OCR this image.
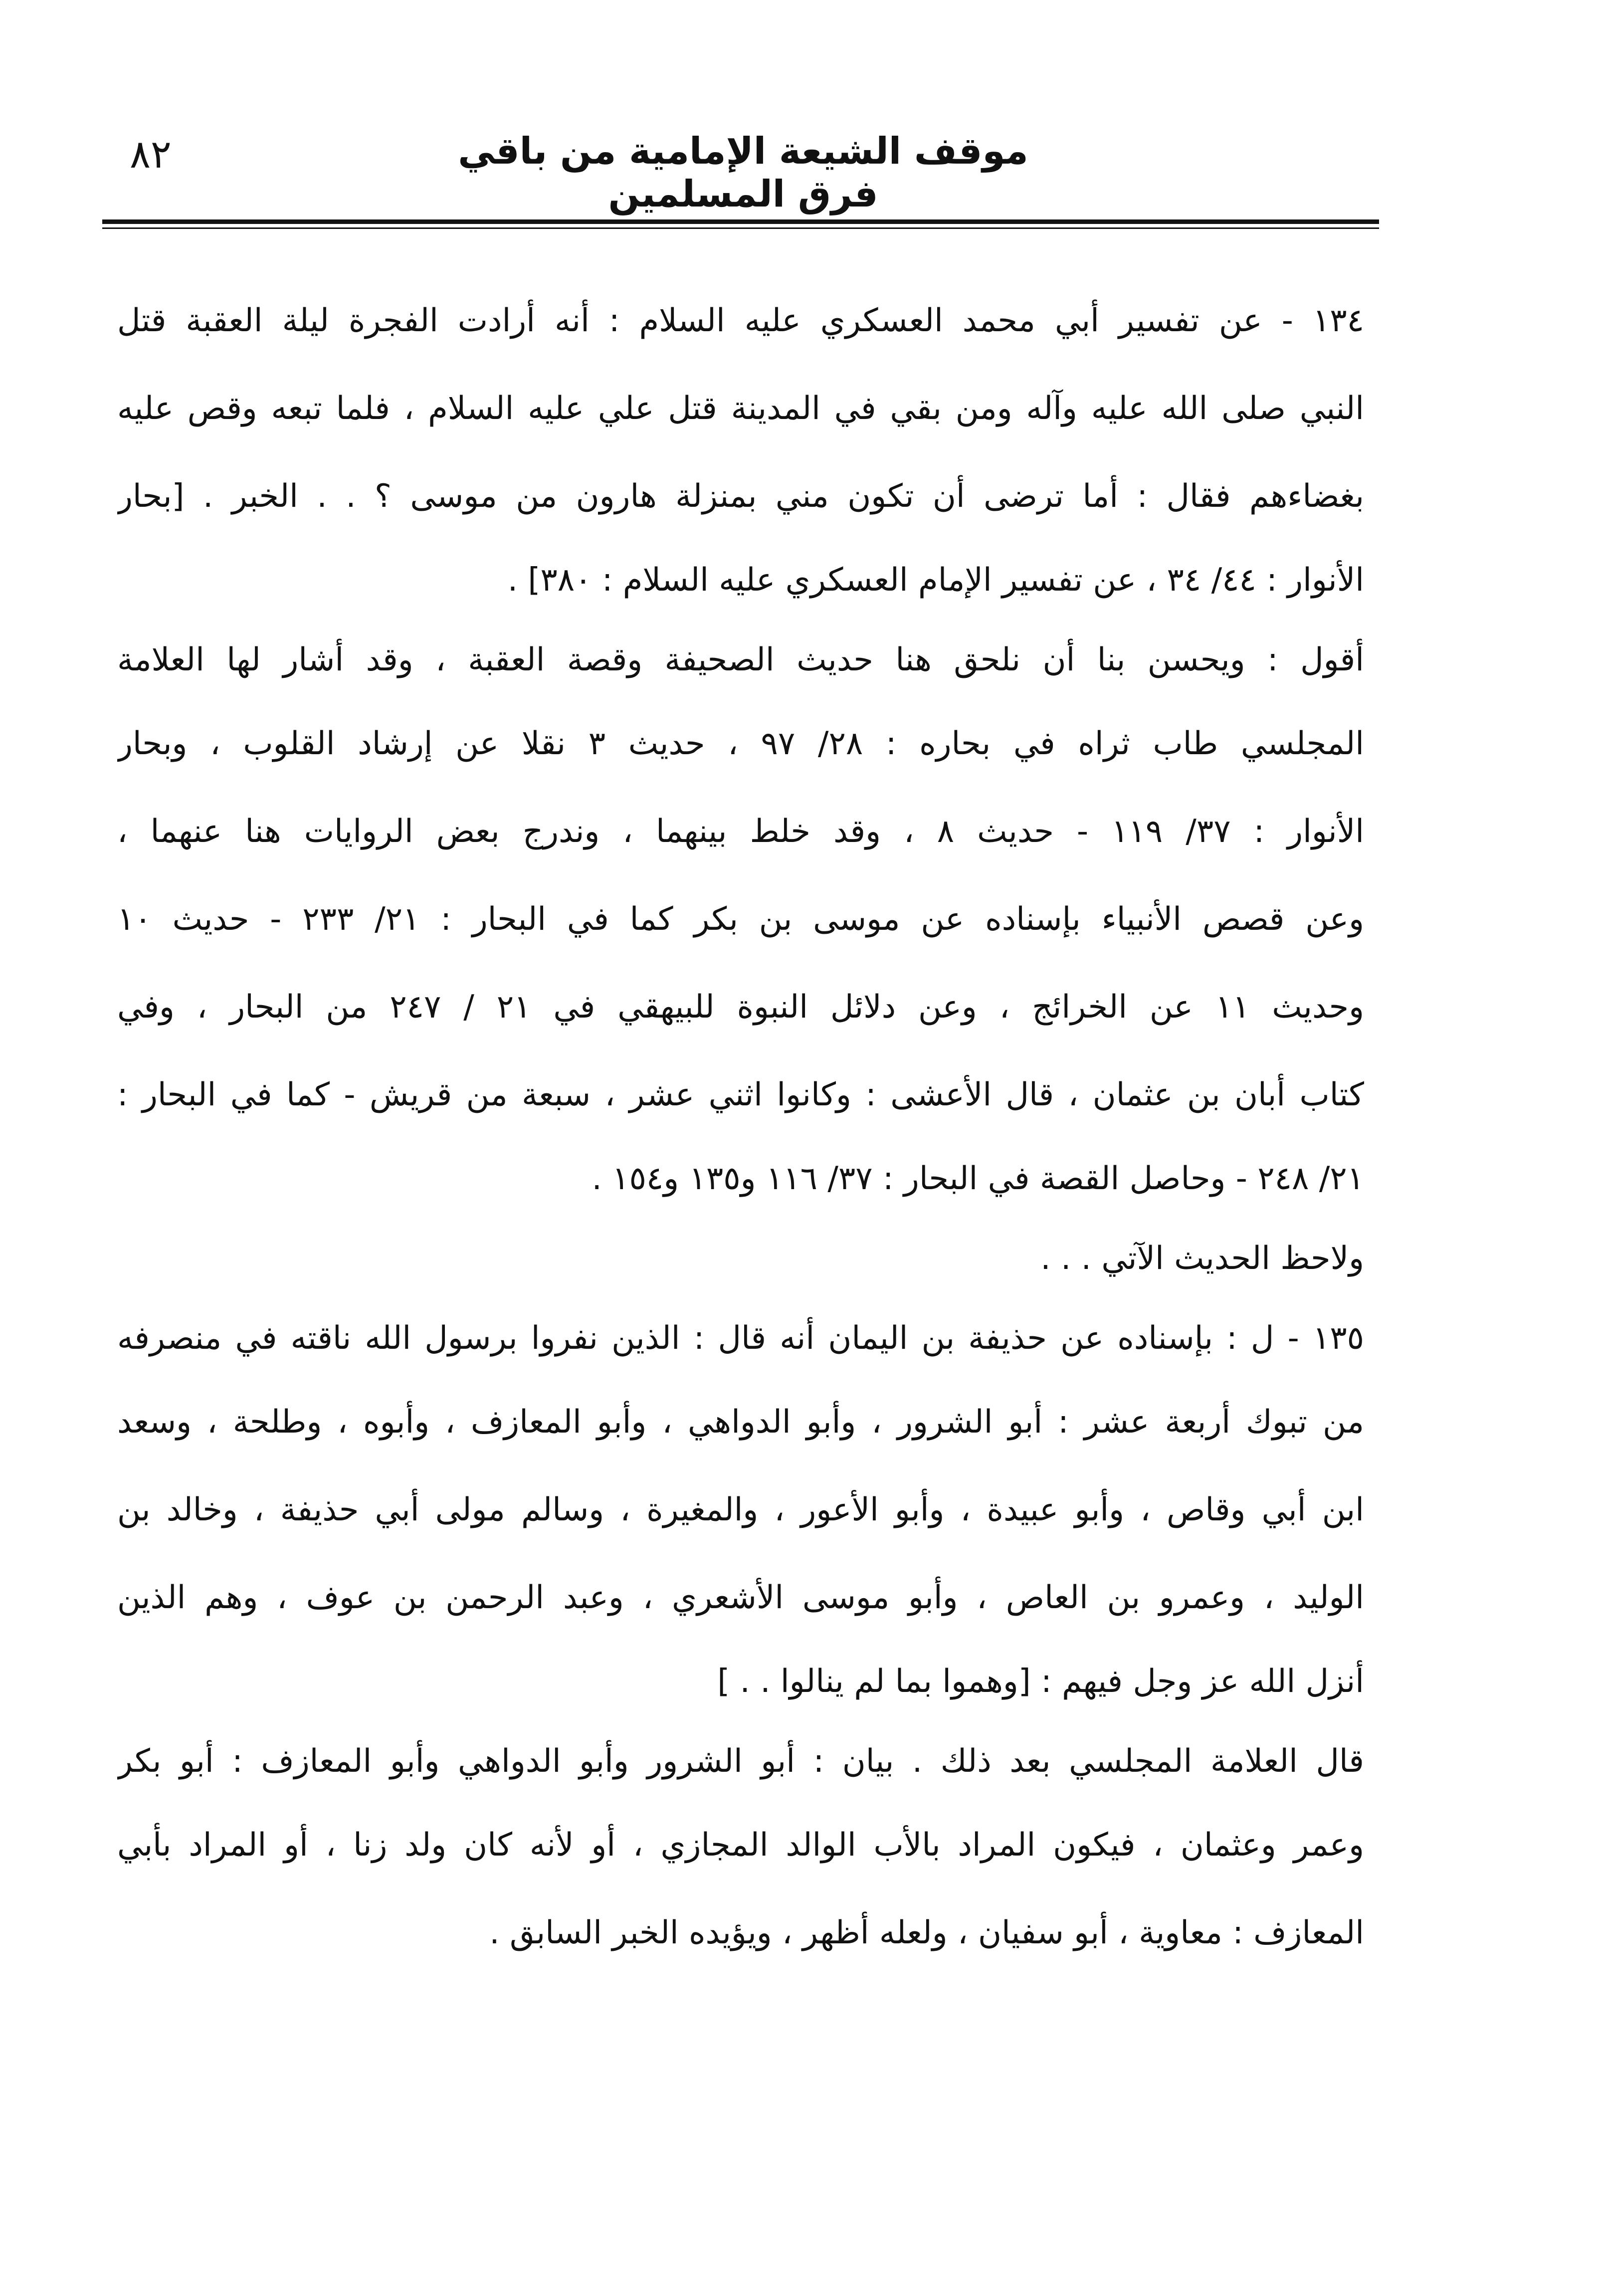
٨٢	موقف الشيعة الإمامية من باقي فرق المسلمين
١٣٤ - عن تفسير أبي محمد العسكري عليه السلام : أنه أرادت الفجرة ليلة العقبة قتل
النبي صلى الله عليه وآله ومن بقي في المدينة قتل علي عليه السلام ، فلما تبعه وقص عليه
بغضاءهم فقال : أما ترضى أن تكون مني بمنزلة هارون من موسى ؟ . . الخبر . [بحار
الأنوار : ٤٤/ ٣٤ ، عن تفسير الإمام العسكري عليه السلام : ٣٨٠] .
أقول : ويحسن بنا أن نلحق هنا حديث الصحيفة وقصة العقبة ، وقد أشار لها العلامة
المجلسي طاب ثراه في بحاره : ٢٨/ ٩٧ ، حديث ٣ نقلا عن إرشاد القلوب ، وبحار
الأنوار : ٣٧/ ١١٩ - حديث ٨ ، وقد خلط بينهما ، وندرج بعض الروايات هنا عنهما ،
وعن قصص الأنبياء بإسناده عن موسى بن بكر كما في البحار : ٢١/ ٢٣٣ - حديث ١٠
وحديث ١١ عن الخرائج ، وعن دلائل النبوة للبيهقي في ٢١ / ٢٤٧ من البحار ، وفي
كتاب أبان بن عثمان ، قال الأعشى : وكانوا اثني عشر ، سبعة من قريش - كما في البحار :
٢١/ ٢٤٨ - وحاصل القصة في البحار : ٣٧/ ١١٦ و١٣٥ و١٥٤ .
ولاحظ الحديث الآتي . . .
١٣٥ - ل : بإسناده عن حذيفة بن اليمان أنه قال : الذين نفروا برسول الله ناقته في منصرفه
من تبوك أربعة عشر : أبو الشرور ، وأبو الدواهي ، وأبو المعازف ، وأبوه ، وطلحة ، وسعد
ابن أبي وقاص ، وأبو عبيدة ، وأبو الأعور ، والمغيرة ، وسالم مولى أبي حذيفة ، وخالد بن
الوليد ، وعمرو بن العاص ، وأبو موسى الأشعري ، وعبد الرحمن بن عوف ، وهم الذين
أنزل الله عز وجل فيهم : [وهموا بما لم ينالوا . . ]
قال العلامة المجلسي بعد ذلك . بيان : أبو الشرور وأبو الدواهي وأبو المعازف : أبو بكر
وعمر وعثمان ، فيكون المراد بالأب الوالد المجازي ، أو لأنه كان ولد زنا ، أو المراد بأبي
المعازف : معاوية ، أبو سفيان ، ولعله أظهر ، ويؤيده الخبر السابق .
